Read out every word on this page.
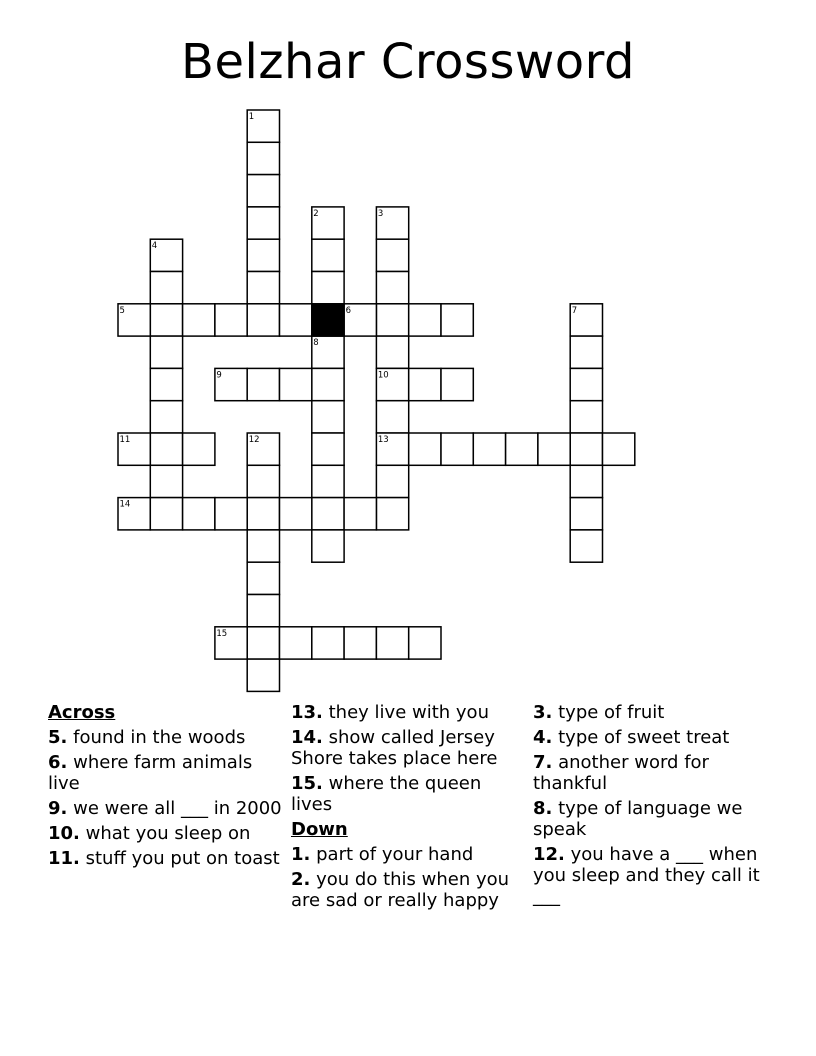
Belzhar Crossword
1
2	3
4
5	6	7
8
9	10
11	12	13
14
15
Across
5. found in the woods
6. where farm animals live
9. we were all ___ in 2000
10. what you sleep on
11. stuff you put on toast
13. they live with you
14. show called Jersey Shore takes place here
15. where the queen lives
Down
1. part of your hand
2. you do this when you are sad or really happy
3. type of fruit
4. type of sweet treat
7. another word for thankful
8. type of language we speak
12. you have a ___ when you sleep and they call it ___
